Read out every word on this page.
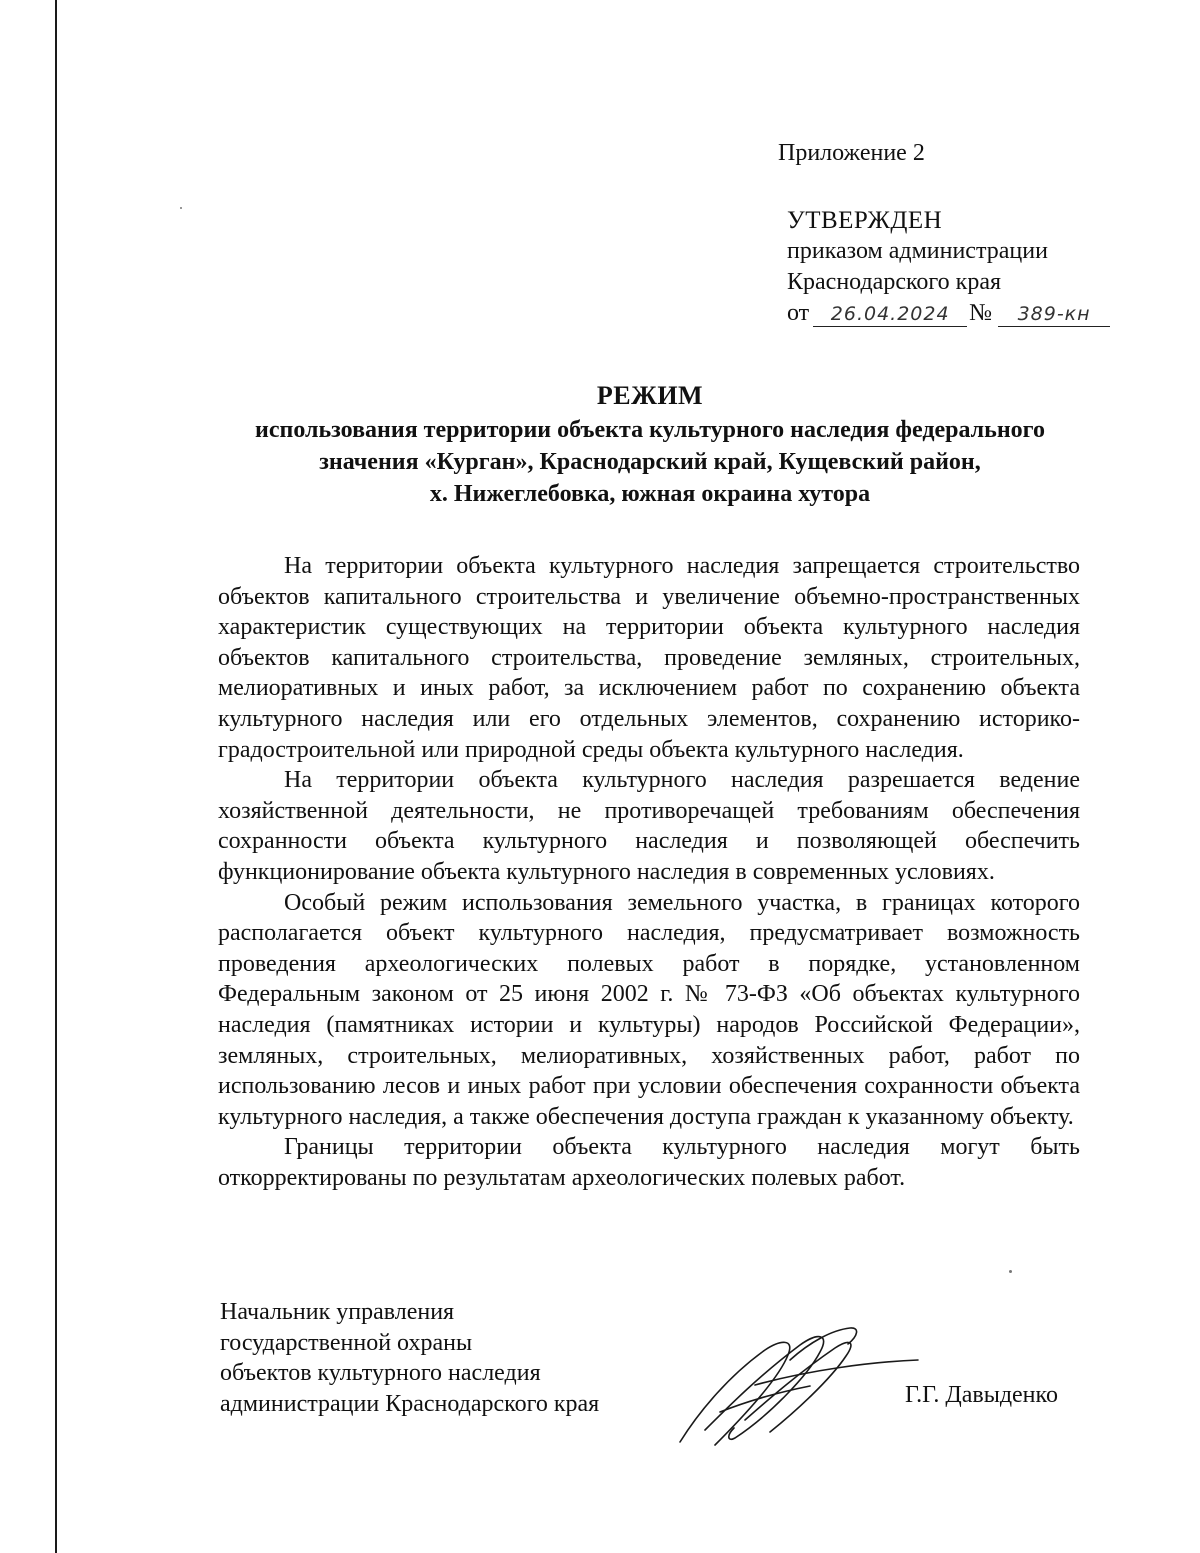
Приложение 2
УТВЕРЖДЕН
приказом администрации
Краснодарского края
от	26.04.2024 №	389-кн
РЕЖИМ
использования территории объекта культурного наследия федерального
значения «Курган», Краснодарский край, Кущевский район,
х. Нижеглебовка, южная окраина хутора

На территории объекта культурного наследия запрещается строительство объектов капитального строительства и увеличение объемно-пространственных характеристик существующих на территории объекта культурного наследия объектов капитального строительства, проведение земляных, строительных, мелиоративных и иных работ, за исключением работ по сохранению объекта культурного наследия или его отдельных элементов, сохранению историко-градостроительной или природной среды объекта культурного наследия.

На территории объекта культурного наследия разрешается ведение хозяйственной деятельности, не противоречащей требованиям обеспечения сохранности объекта культурного наследия и позволяющей обеспечить функционирование объекта культурного наследия в современных условиях.

Особый режим использования земельного участка, в границах которого располагается объект культурного наследия, предусматривает возможность проведения археологических полевых работ в порядке, установленном Федеральным законом от 25 июня 2002 г. № 73-ФЗ «Об объектах культурного наследия (памятниках истории и культуры) народов Российской Федерации», земляных, строительных, мелиоративных, хозяйственных работ, работ по использованию лесов и иных работ при условии обеспечения сохранности объекта культурного наследия, а также обеспечения доступа граждан к указанному объекту.

Границы территории объекта культурного наследия могут быть откорректированы по результатам археологических полевых работ.

Начальник управления
государственной охраны
объектов культурного наследия
администрации Краснодарского края	Г.Г. Давыденко
